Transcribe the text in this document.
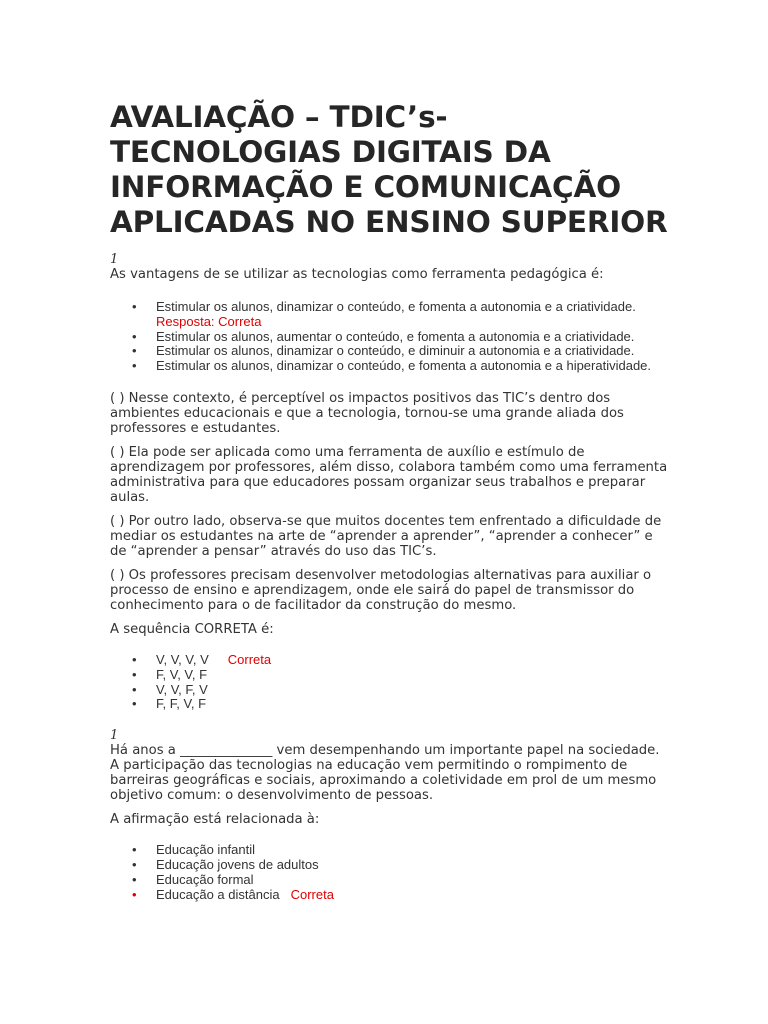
AVALIAÇÃO – TDIC’s-TECNOLOGIAS DIGITAIS DA INFORMAÇÃO E COMUNICAÇÃO APLICADAS NO ENSINO SUPERIOR
1

As vantagens de se utilizar as tecnologias como ferramenta pedagógica é:

• Estimular os alunos, dinamizar o conteúdo, e fomenta a autonomia e a criatividade.
Resposta: Correta
• Estimular os alunos, aumentar o conteúdo, e fomenta a autonomia e a criatividade.
• Estimular os alunos, dinamizar o conteúdo, e diminuir a autonomia e a criatividade.
• Estimular os alunos, dinamizar o conteúdo, e fomenta a autonomia e a hiperatividade.

( ) Nesse contexto, é perceptível os impactos positivos das TIC’s dentro dos ambientes educacionais e que a tecnologia, tornou-se uma grande aliada dos professores e estudantes.

( ) Ela pode ser aplicada como uma ferramenta de auxílio e estímulo de aprendizagem por professores, além disso, colabora também como uma ferramenta administrativa para que educadores possam organizar seus trabalhos e preparar aulas.

( ) Por outro lado, observa-se que muitos docentes tem enfrentado a dificuldade de mediar os estudantes na arte de “aprender a aprender”, “aprender a conhecer” e de “aprender a pensar” através do uso das TIC’s.

( ) Os professores precisam desenvolver metodologias alternativas para auxiliar o processo de ensino e aprendizagem, onde ele sairá do papel de transmissor do conhecimento para o de facilitador da construção do mesmo.

A sequência CORRETA é:

• V, V, V, V Correta
• F, V, V, F
• V, V, F, V
• F, F, V, F
1

Há anos a ______________ vem desempenhando um importante papel na sociedade. A participação das tecnologias na educação vem permitindo o rompimento de barreiras geográficas e sociais, aproximando a coletividade em prol de um mesmo objetivo comum: o desenvolvimento de pessoas.

A afirmação está relacionada à:

• Educação infantil
• Educação jovens de adultos
• Educação formal
• Educação a distância Correta
